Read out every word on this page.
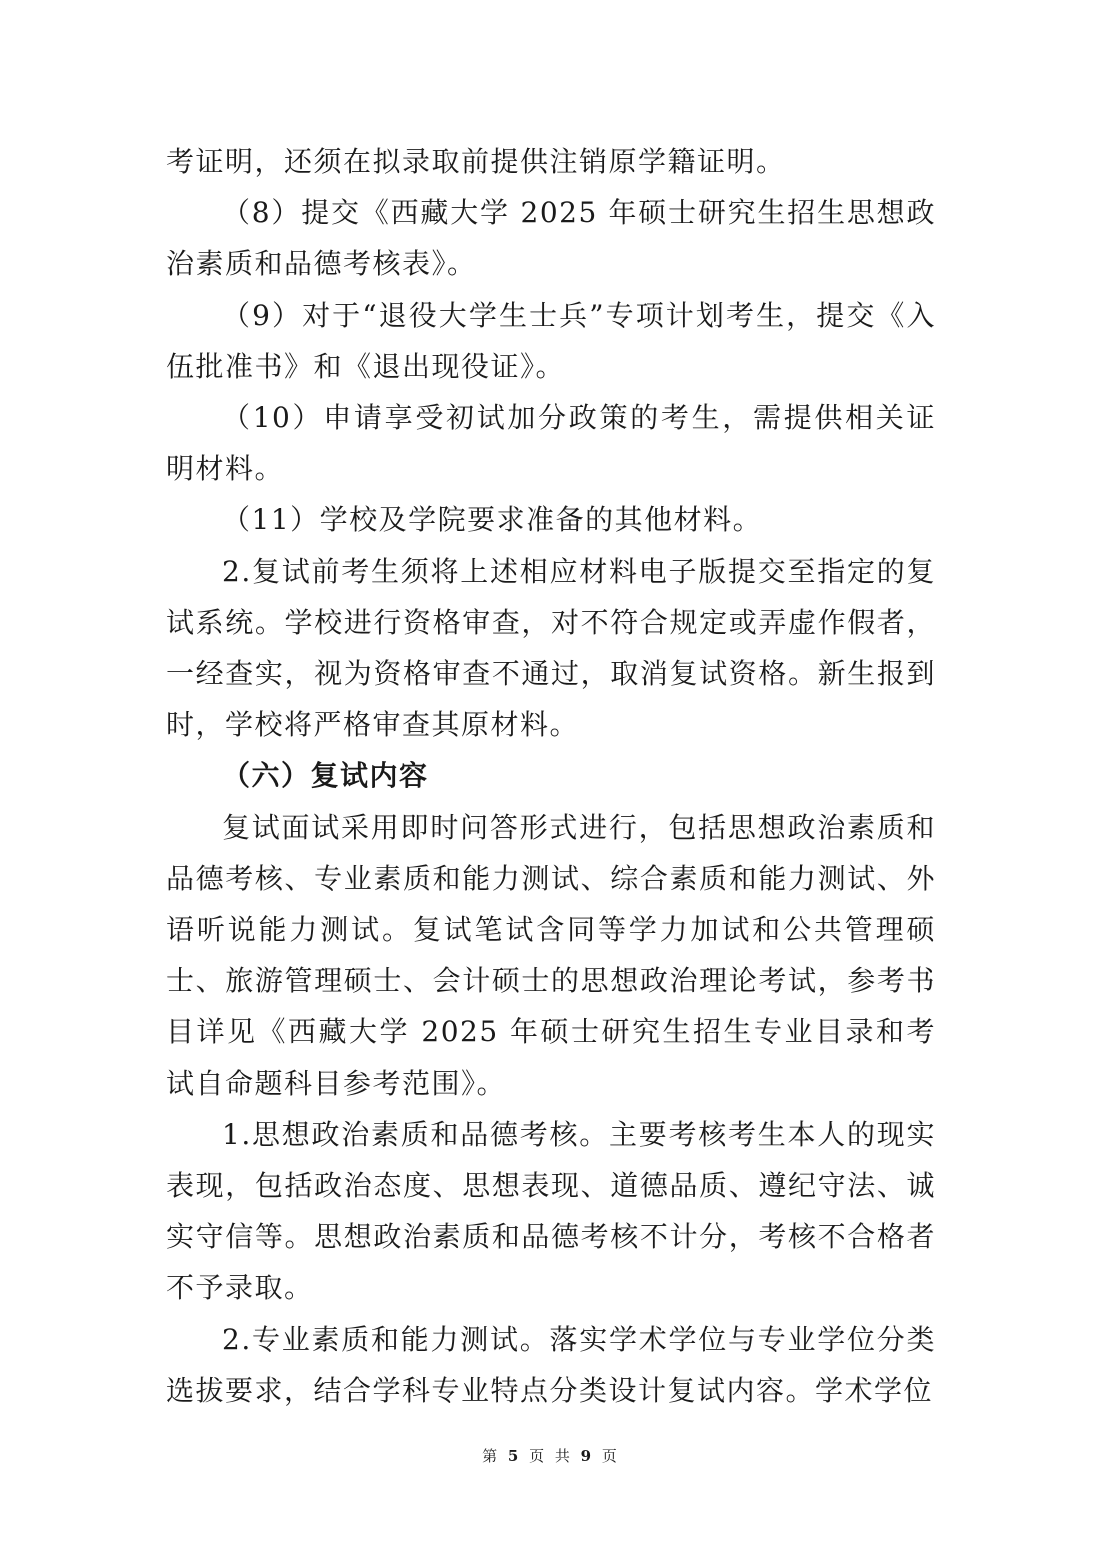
考证明，还须在拟录取前提供注销原学籍证明。

（8）提交《西藏大学 2025 年硕士研究生招生思想政治素质和品德考核表》。

（9）对于“退役大学生士兵”专项计划考生，提交《入伍批准书》和《退出现役证》。

（10）申请享受初试加分政策的考生，需提供相关证明材料。

（11）学校及学院要求准备的其他材料。

2.复试前考生须将上述相应材料电子版提交至指定的复试系统。学校进行资格审查，对不符合规定或弄虚作假者，一经查实，视为资格审查不通过，取消复试资格。新生报到时，学校将严格审查其原材料。

（六）复试内容

复试面试采用即时问答形式进行，包括思想政治素质和品德考核、专业素质和能力测试、综合素质和能力测试、外语听说能力测试。复试笔试含同等学力加试和公共管理硕士、旅游管理硕士、会计硕士的思想政治理论考试，参考书目详见《西藏大学 2025 年硕士研究生招生专业目录和考试自命题科目参考范围》。

1.思想政治素质和品德考核。主要考核考生本人的现实表现，包括政治态度、思想表现、道德品质、遵纪守法、诚实守信等。思想政治素质和品德考核不计分，考核不合格者不予录取。

2.专业素质和能力测试。落实学术学位与专业学位分类选拔要求，结合学科专业特点分类设计复试内容。学术学位

第 5 页 共 9 页
